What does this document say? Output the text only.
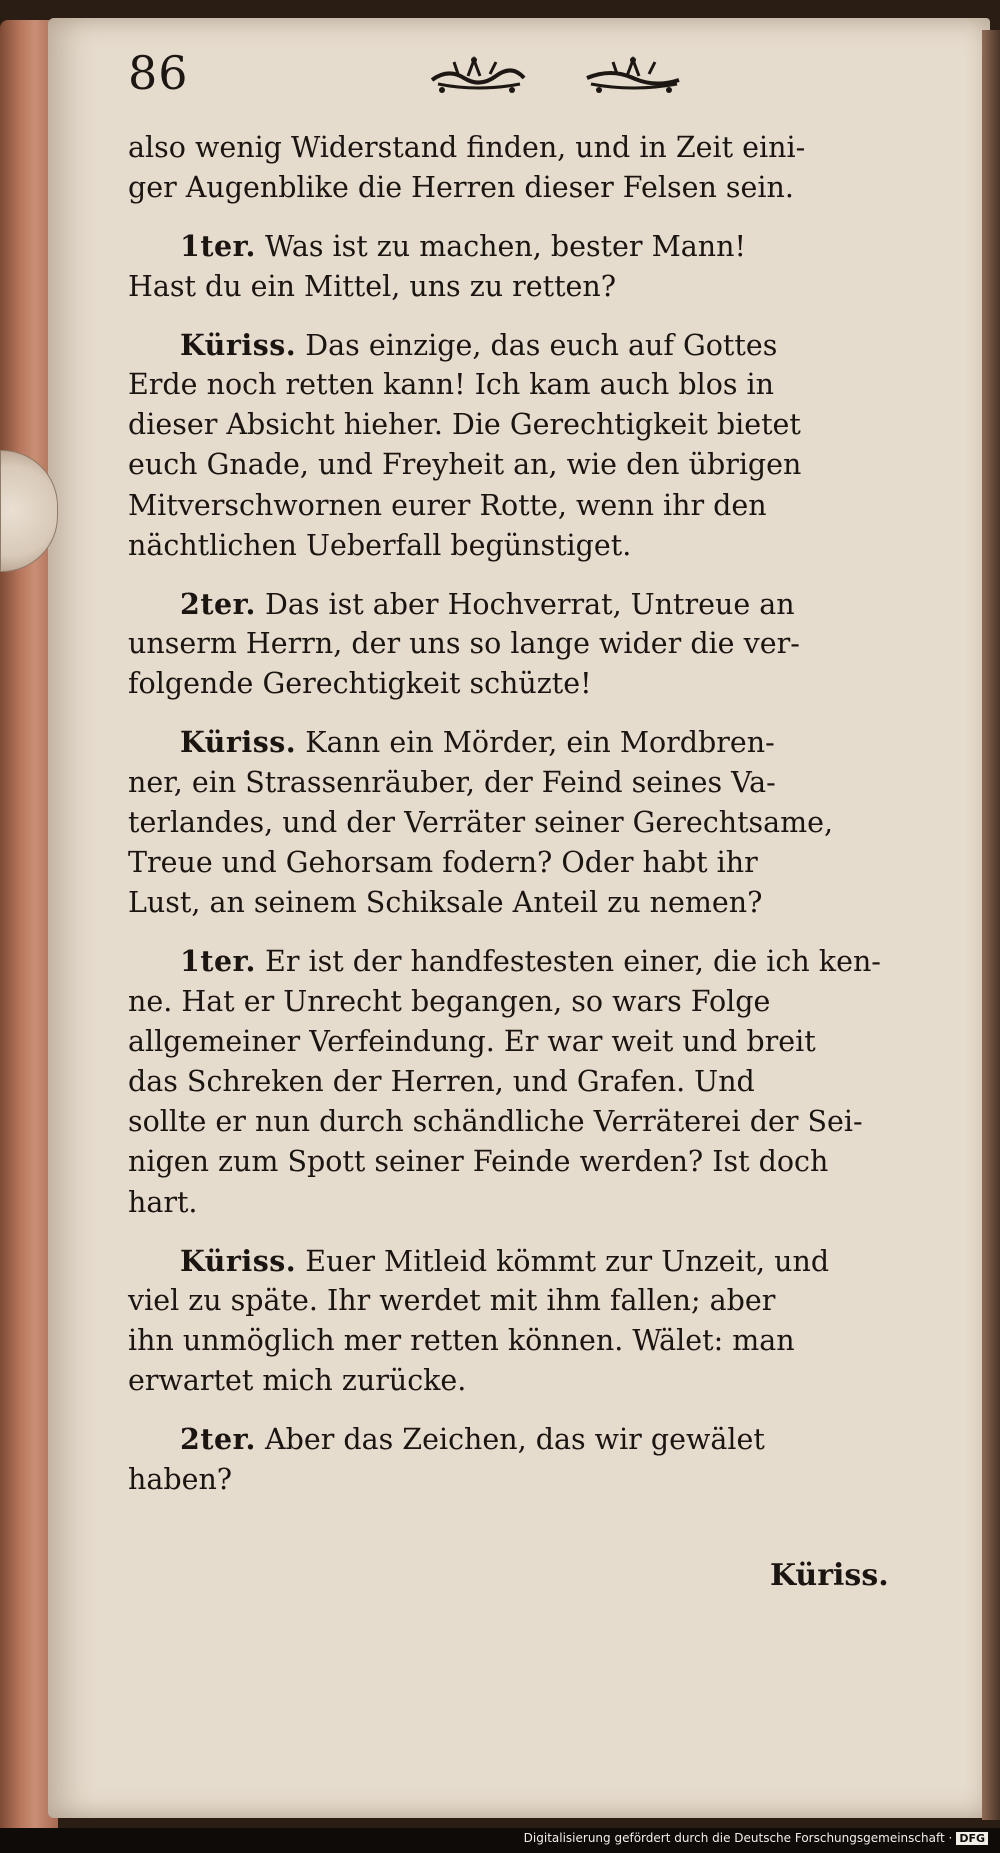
86
also wenig Widerstand finden, und in Zeit eini-
ger Augenblike die Herren dieser Felsen sein.
1ter. Was ist zu machen, bester Mann!
Hast du ein Mittel, uns zu retten?
Küriss. Das einzige, das euch auf Gottes
Erde noch retten kann! Ich kam auch blos in
dieser Absicht hieher. Die Gerechtigkeit bietet
euch Gnade, und Freyheit an, wie den übrigen
Mitverschwornen eurer Rotte, wenn ihr den
nächtlichen Ueberfall begünstiget.
2ter. Das ist aber Hochverrat, Untreue an
unserm Herrn, der uns so lange wider die ver-
folgende Gerechtigkeit schüzte!
Küriss. Kann ein Mörder, ein Mordbren-
ner, ein Strassenräuber, der Feind seines Va-
terlandes, und der Verräter seiner Gerechtsame,
Treue und Gehorsam fodern? Oder habt ihr
Lust, an seinem Schiksale Anteil zu nemen?
1ter. Er ist der handfestesten einer, die ich ken-
ne. Hat er Unrecht begangen, so wars Folge
allgemeiner Verfeindung. Er war weit und breit
das Schreken der Herren, und Grafen. Und
sollte er nun durch schändliche Verräterei der Sei-
nigen zum Spott seiner Feinde werden? Ist doch
hart.
Küriss. Euer Mitleid kömmt zur Unzeit, und
viel zu späte. Ihr werdet mit ihm fallen; aber
ihn unmöglich mer retten können. Wälet: man
erwartet mich zurücke.
2ter. Aber das Zeichen, das wir gewälet
haben?
Küriss.
Digitalisierung gefördert durch die Deutsche Forschungsgemeinschaft · DFG
